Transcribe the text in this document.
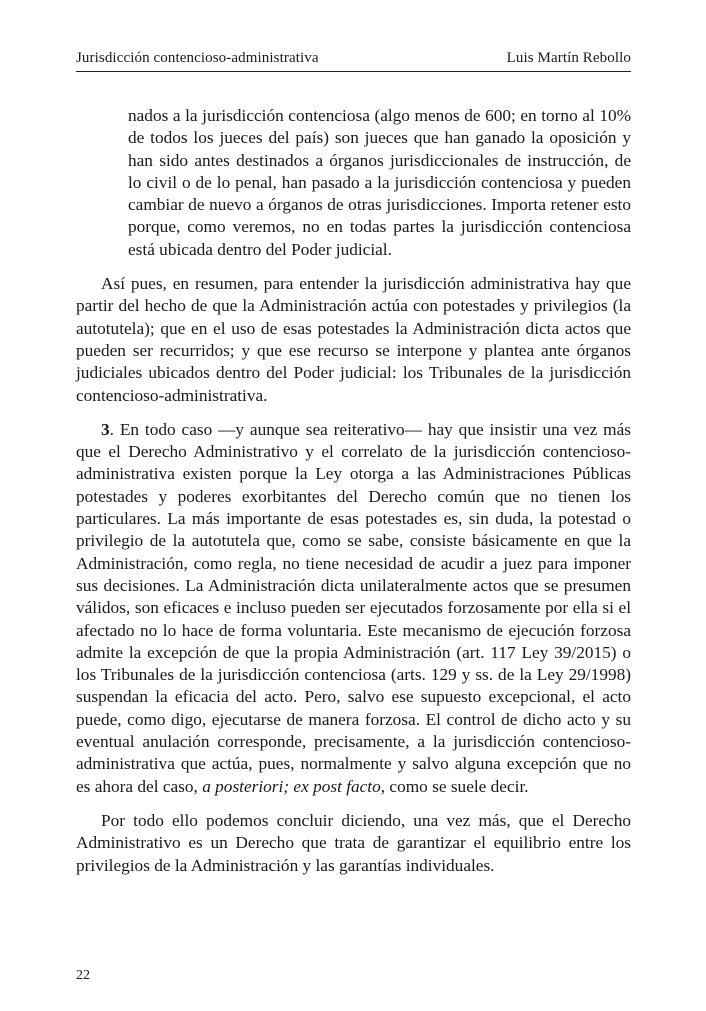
Jurisdicción contencioso-administrativa	Luis Martín Rebollo

nados a la jurisdicción contenciosa (algo menos de 600; en torno al 10% de todos los jueces del país) son jueces que han ganado la oposición y han sido antes destinados a órganos jurisdiccionales de instrucción, de lo civil o de lo penal, han pasado a la jurisdicción contenciosa y pueden cambiar de nuevo a órganos de otras jurisdicciones. Importa retener esto porque, como veremos, no en todas partes la jurisdicción contenciosa está ubicada dentro del Poder judicial.

Así pues, en resumen, para entender la jurisdicción administrativa hay que partir del hecho de que la Administración actúa con potestades y privilegios (la autotutela); que en el uso de esas potestades la Administración dicta actos que pueden ser recurridos; y que ese recurso se interpone y plantea ante órganos judiciales ubicados dentro del Poder judicial: los Tribunales de la jurisdicción contencioso-administrativa.

3. En todo caso —y aunque sea reiterativo— hay que insistir una vez más que el Derecho Administrativo y el correlato de la jurisdicción contencioso-administrativa existen porque la Ley otorga a las Administraciones Públicas potestades y poderes exorbitantes del Derecho común que no tienen los particulares. La más importante de esas potestades es, sin duda, la potestad o privilegio de la autotutela que, como se sabe, consiste básicamente en que la Administración, como regla, no tiene necesidad de acudir a juez para imponer sus decisiones. La Administración dicta unilateralmente actos que se presumen válidos, son eficaces e incluso pueden ser ejecutados forzosamente por ella si el afectado no lo hace de forma voluntaria. Este mecanismo de ejecución forzosa admite la excepción de que la propia Administración (art. 117 Ley 39/2015) o los Tribunales de la jurisdicción contenciosa (arts. 129 y ss. de la Ley 29/1998) suspendan la eficacia del acto. Pero, salvo ese supuesto excepcional, el acto puede, como digo, ejecutarse de manera forzosa. El control de dicho acto y su eventual anulación corresponde, precisamente, a la jurisdicción contencioso-administrativa que actúa, pues, normalmente y salvo alguna excepción que no es ahora del caso, a posteriori; ex post facto, como se suele decir.

Por todo ello podemos concluir diciendo, una vez más, que el Derecho Administrativo es un Derecho que trata de garantizar el equilibrio entre los privilegios de la Administración y las garantías individuales.

22
